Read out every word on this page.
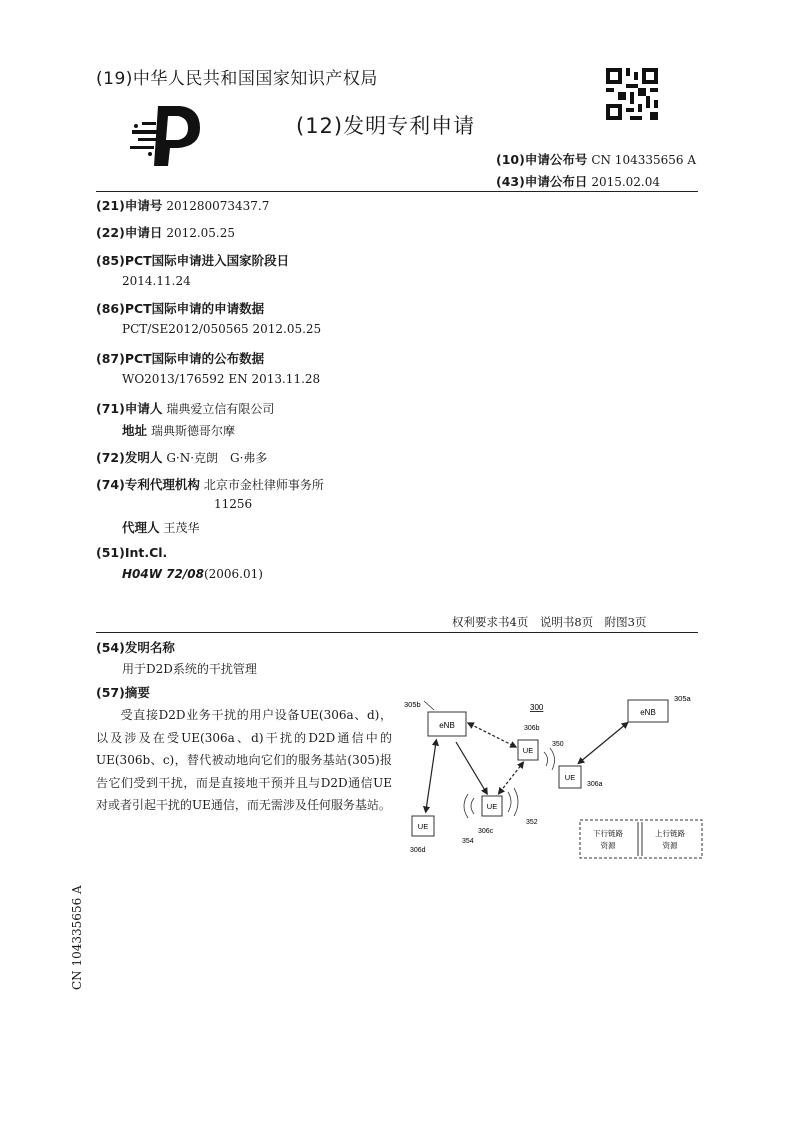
(19)中华人民共和国国家知识产权局
(12)发明专利申请
(10)申请公布号 CN 104335656 A
(43)申请公布日 2015.02.04
(21)申请号 201280073437.7
(22)申请日 2012.05.25
(85)PCT国际申请进入国家阶段日
2014.11.24
(86)PCT国际申请的申请数据
PCT/SE2012/050565 2012.05.25
(87)PCT国际申请的公布数据
WO2013/176592 EN 2013.11.28
(71)申请人 瑞典爱立信有限公司
地址 瑞典斯德哥尔摩
(72)发明人 G·N·克朗　G·弗多
(74)专利代理机构 北京市金杜律师事务所
11256
代理人 王茂华
(51)Int.Cl.
H04W 72/08(2006.01)
权利要求书4页　说明书8页　附图3页
(54)发明名称
用于D2D系统的干扰管理
(57)摘要
受直接D2D业务干扰的用户设备UE(306a、d)，以及涉及在受UE(306a、d)干扰的D2D通信中的UE(306b、c)，替代被动地向它们的服务基站(305)报告它们受到干扰，而是直接地干预并且与D2D通信UE对或者引起干扰的UE通信，而无需涉及任何服务基站。
eNB
305b
eNB
305a
300
UE
306b
UE
306a
UE
306c
UE
306d
350
352
354
下行链路
资源
上行链路
资源
CN 104335656 A
